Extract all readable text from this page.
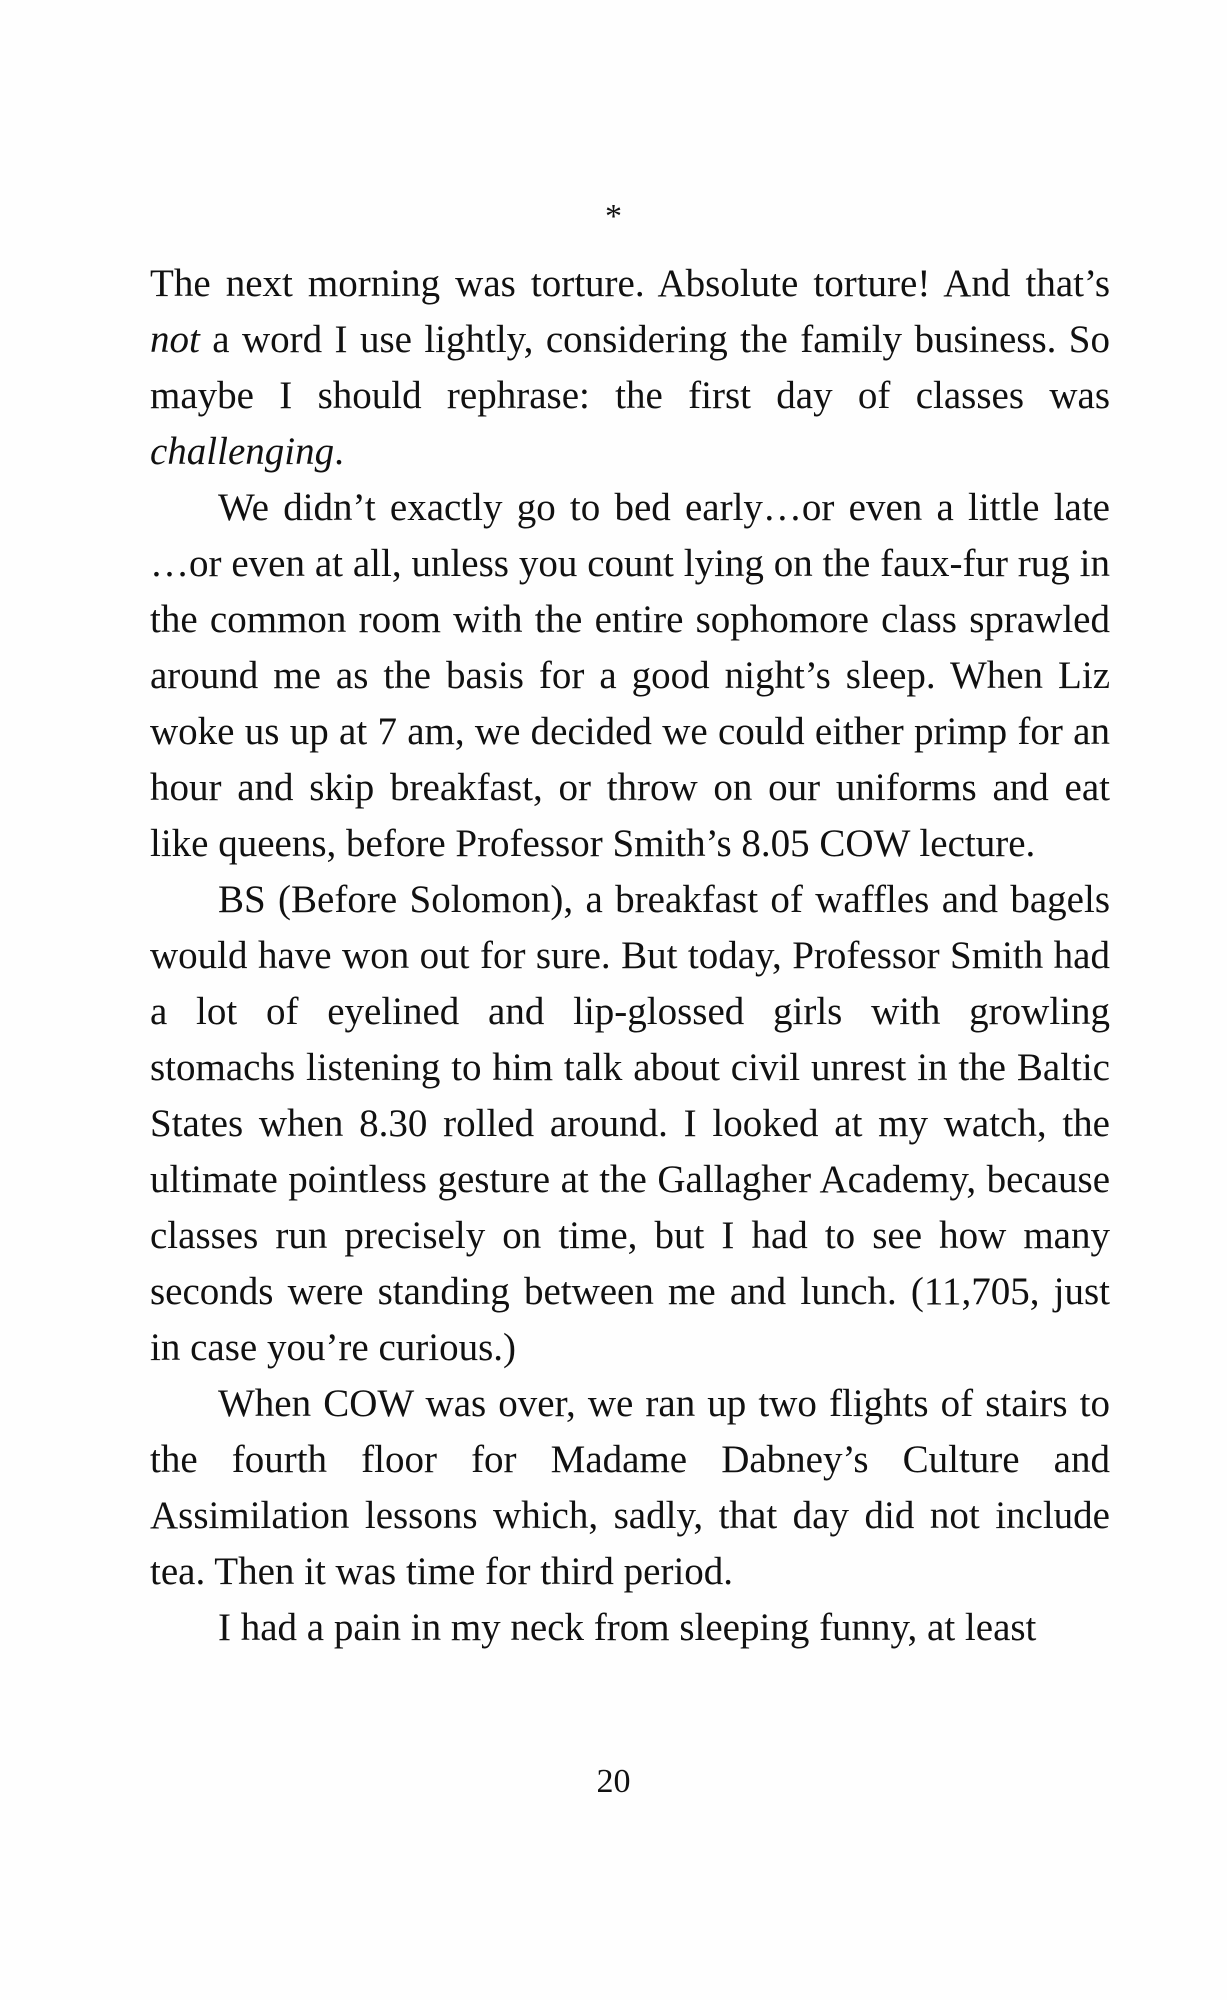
*

The next morning was torture. Absolute torture! And that’s not a word I use lightly, considering the family business. So maybe I should rephrase: the first day of classes was challenging.

We didn’t exactly go to bed early…or even a little late …or even at all, unless you count lying on the faux-fur rug in the common room with the entire sophomore class sprawled around me as the basis for a good night’s sleep. When Liz woke us up at 7 am, we decided we could either primp for an hour and skip breakfast, or throw on our uniforms and eat like queens, before Professor Smith’s 8.05 COW lecture.

BS (Before Solomon), a breakfast of waffles and bagels would have won out for sure. But today, Professor Smith had a lot of eyelined and lip-glossed girls with growling stomachs listening to him talk about civil unrest in the Baltic States when 8.30 rolled around. I looked at my watch, the ultimate pointless gesture at the Gallagher Academy, because classes run precisely on time, but I had to see how many seconds were standing between me and lunch. (11,705, just in case you’re curious.)

When COW was over, we ran up two flights of stairs to the fourth floor for Madame Dabney’s Culture and Assimilation lessons which, sadly, that day did not include tea. Then it was time for third period.

I had a pain in my neck from sleeping funny, at least

20
